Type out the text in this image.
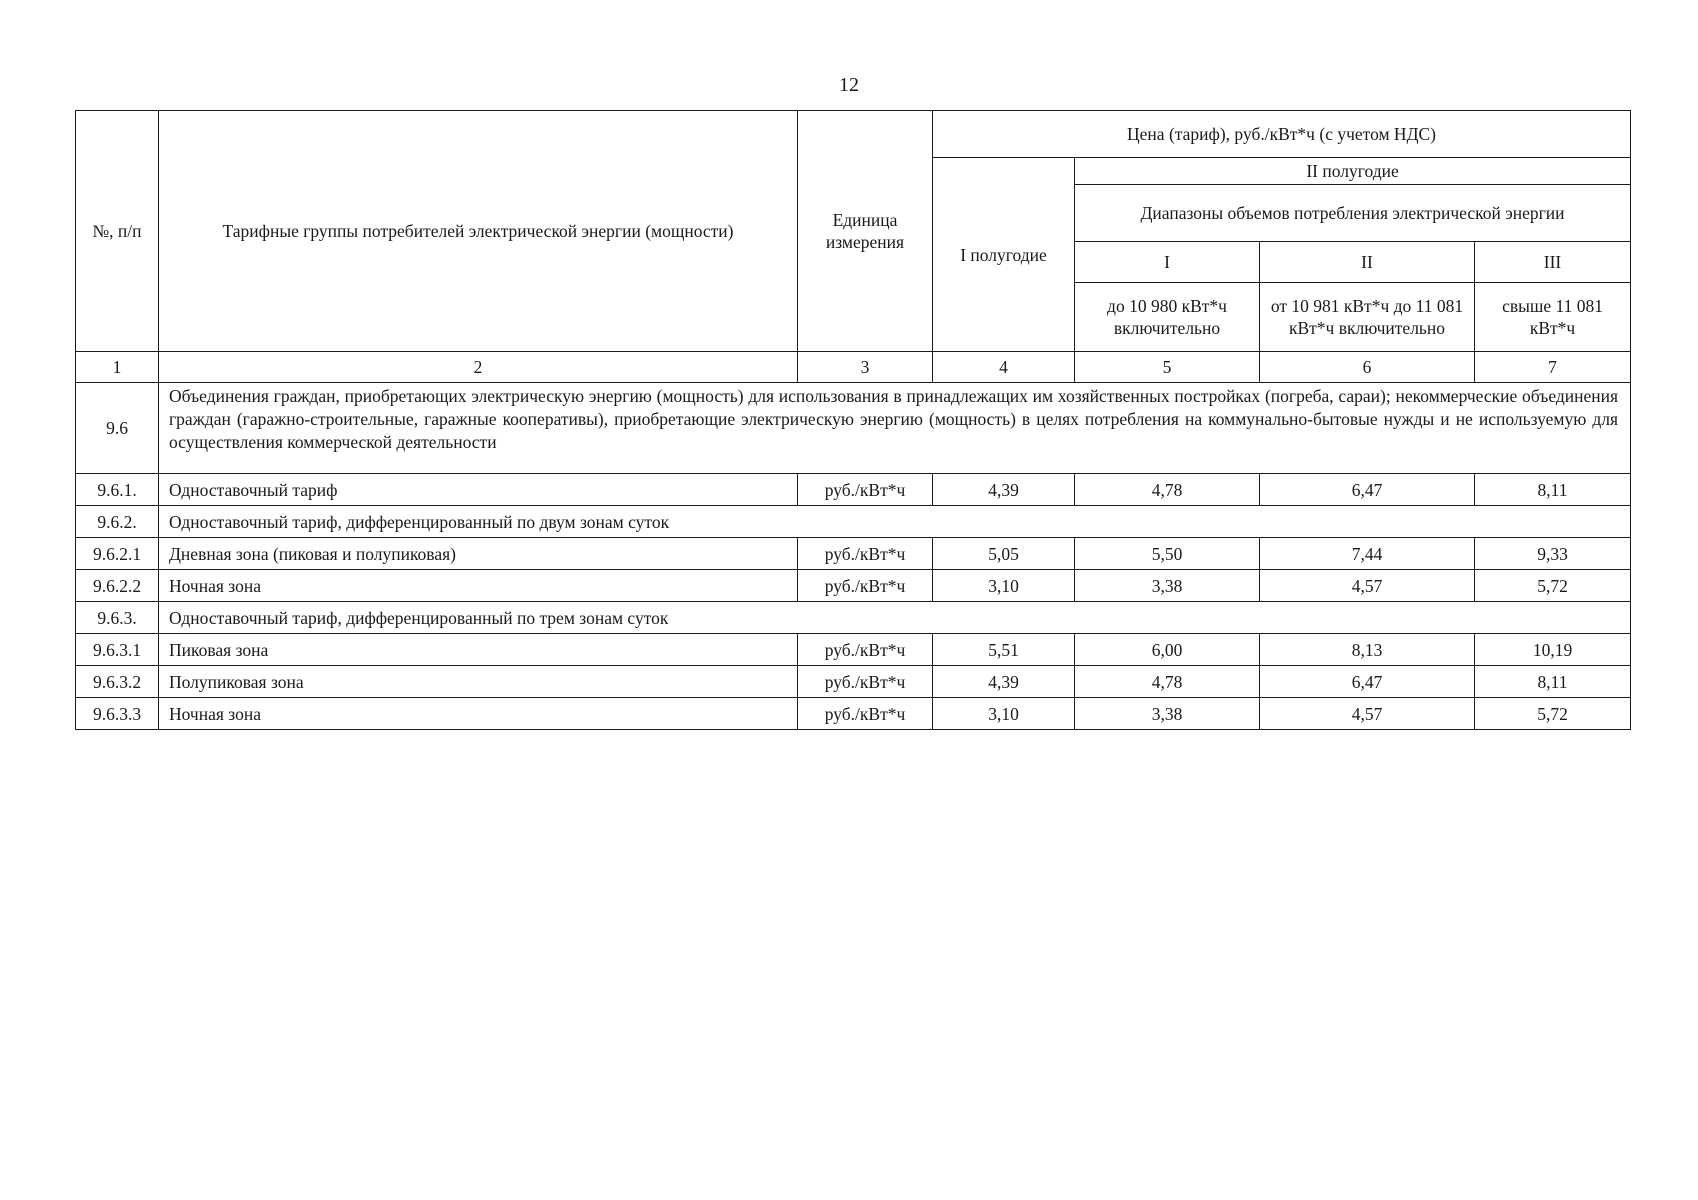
12
№, п/п	Тарифные группы потребителей электрической энергии (мощности)	Единица измерения	Цена (тариф), руб./кВт*ч (с учетом НДС)			
			I полугодие	II полугодие		
				Диапазоны объемов потребления электрической энергии		
				I	II	III
				до 10 980 кВт*ч включительно	от 10 981 кВт*ч до 11 081 кВт*ч включительно	свыше 11 081 кВт*ч
1	2	3	4	5	6	7
9.6	Объединения граждан, приобретающих электрическую энергию (мощность) для использования в принадлежащих им хозяйственных постройках (погреба, сараи); некоммерческие объединения граждан (гаражно-строительные, гаражные кооперативы), приобретающие электрическую энергию (мощность) в целях потребления на коммунально-бытовые нужды и не используемую для осуществления коммерческой деятельности					
9.6.1.	Одноставочный тариф	руб./кВт*ч	4,39	4,78	6,47	8,11
9.6.2.	Одноставочный тариф, дифференцированный по двум зонам суток					
9.6.2.1	Дневная зона (пиковая и полупиковая)	руб./кВт*ч	5,05	5,50	7,44	9,33
9.6.2.2	Ночная зона	руб./кВт*ч	3,10	3,38	4,57	5,72
9.6.3.	Одноставочный тариф, дифференцированный по трем зонам суток					
9.6.3.1	Пиковая зона	руб./кВт*ч	5,51	6,00	8,13	10,19
9.6.3.2	Полупиковая зона	руб./кВт*ч	4,39	4,78	6,47	8,11
9.6.3.3	Ночная зона	руб./кВт*ч	3,10	3,38	4,57	5,72
